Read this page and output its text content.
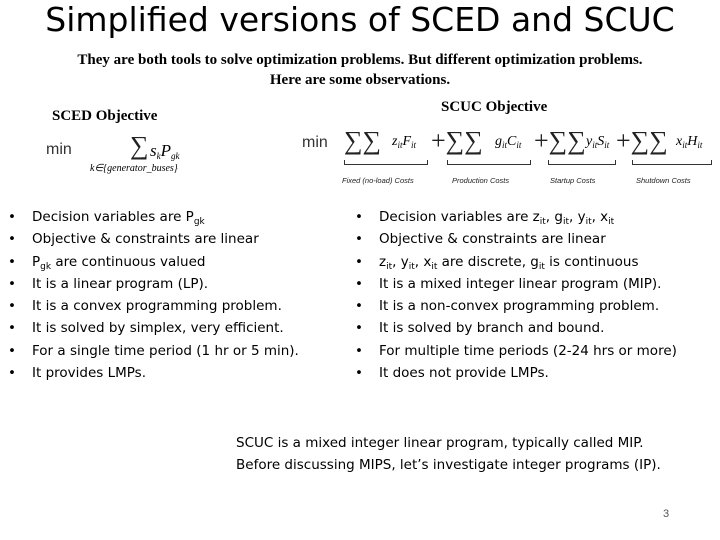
Simplified versions of SCED and SCUC
They are both tools to solve optimization problems. But different optimization problems.
Here are some observations.
SCED Objective
min ∑ $s_kP_{gk}$
k∈{generator_buses}
SCUC Objective
min ∑∑ $z_{it}F_{it}$ +∑∑ $g_{it}C_{it}$ +∑∑ $y_{it}S_{it}$ +∑∑ $x_{it}H_{it}$
Fixed (no-load) Costs	Production Costs	Startup Costs	Shutdown Costs
• Decision variables are $P_{gk}$
• Objective & constraints are linear
• $P_{gk}$ are continuous valued
• It is a linear program (LP).
• It is a convex programming problem.
• It is solved by simplex, very efficient.
• For a single time period (1 hr or 5 min).
• It provides LMPs.
• Decision variables are $z_{it}$, $g_{it}$, $y_{it}$, $x_{it}$
• Objective & constraints are linear
• $z_{it}$, $y_{it}$, $x_{it}$ are discrete, $g_{it}$ is continuous
• It is a mixed integer linear program (MIP).
• It is a non-convex programming problem.
• It is solved by branch and bound.
• For multiple time periods (2-24 hrs or more)
• It does not provide LMPs.
SCUC is a mixed integer linear program, typically called MIP.
Before discussing MIPS, let’s investigate integer programs (IP).
3
